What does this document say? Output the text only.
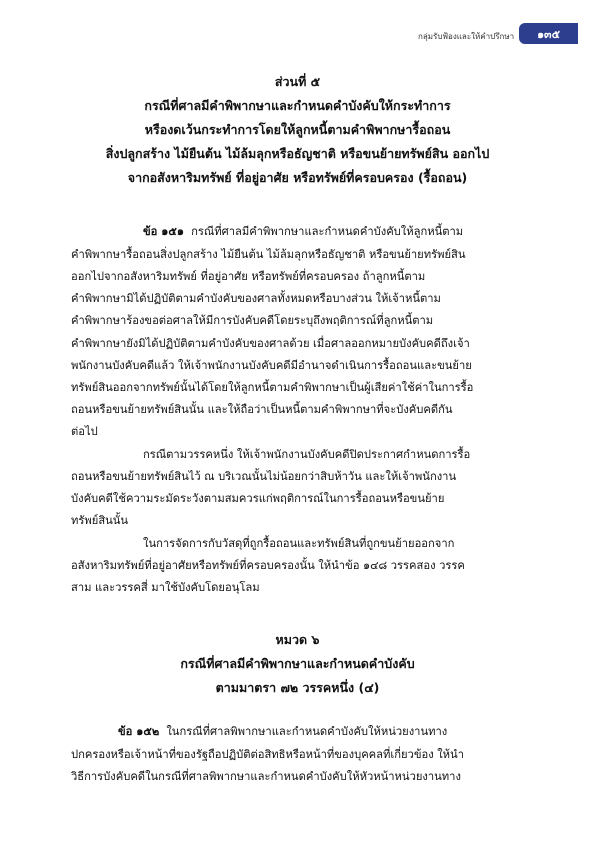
กลุ่มรับฟ้องและให้คำปรึกษา	๑๓๕
ส่วนที่ ๕
กรณีที่ศาลมีคำพิพากษาและกำหนดคำบังคับให้กระทำการ
หรืองดเว้นกระทำการโดยให้ลูกหนี้ตามคำพิพากษารื้อถอน
สิ่งปลูกสร้าง ไม้ยืนต้น ไม้ล้มลุกหรือธัญชาติ หรือขนย้ายทรัพย์สิน ออกไป
จากอสังหาริมทรัพย์ ที่อยู่อาศัย หรือทรัพย์ที่ครอบครอง (รื้อถอน)
ข้อ ๑๕๑ กรณีที่ศาลมีคำพิพากษาและกำหนดคำบังคับให้ลูกหนี้ตาม
คำพิพากษารื้อถอนสิ่งปลูกสร้าง ไม้ยืนต้น ไม้ล้มลุกหรือธัญชาติ หรือขนย้ายทรัพย์สิน
ออกไปจากอสังหาริมทรัพย์ ที่อยู่อาศัย หรือทรัพย์ที่ครอบครอง ถ้าลูกหนี้ตาม
คำพิพากษามิได้ปฏิบัติตามคำบังคับของศาลทั้งหมดหรือบางส่วน ให้เจ้าหนี้ตาม
คำพิพากษาร้องขอต่อศาลให้มีการบังคับคดีโดยระบุถึงพฤติการณ์ที่ลูกหนี้ตาม
คำพิพากษายังมิได้ปฏิบัติตามคำบังคับของศาลด้วย เมื่อศาลออกหมายบังคับคดีถึงเจ้า
พนักงานบังคับคดีแล้ว ให้เจ้าพนักงานบังคับคดีมีอำนาจดำเนินการรื้อถอนและขนย้าย
ทรัพย์สินออกจากทรัพย์นั้นได้โดยให้ลูกหนี้ตามคำพิพากษาเป็นผู้เสียค่าใช้ค่าในการรื้อ
ถอนหรือขนย้ายทรัพย์สินนั้น และให้ถือว่าเป็นหนี้ตามคำพิพากษาที่จะบังคับคดีกัน
ต่อไป
กรณีตามวรรคหนึ่ง ให้เจ้าพนักงานบังคับคดีปิดประกาศกำหนดการรื้อ
ถอนหรือขนย้ายทรัพย์สินไว้ ณ บริเวณนั้นไม่น้อยกว่าสิบห้าวัน และให้เจ้าพนักงาน
บังคับคดีใช้ความระมัดระวังตามสมควรแก่พฤติการณ์ในการรื้อถอนหรือขนย้าย
ทรัพย์สินนั้น
ในการจัดการกับวัสดุที่ถูกรื้อถอนและทรัพย์สินที่ถูกขนย้ายออกจาก
อสังหาริมทรัพย์ที่อยู่อาศัยหรือทรัพย์ที่ครอบครองนั้น ให้นำข้อ ๑๔๘ วรรคสอง วรรค
สาม และวรรคสี่ มาใช้บังคับโดยอนุโลม
หมวด ๖
กรณีที่ศาลมีคำพิพากษาและกำหนดคำบังคับ
ตามมาตรา ๗๒ วรรคหนึ่ง (๔)
ข้อ ๑๕๒ ในกรณีที่ศาลพิพากษาและกำหนดคำบังคับให้หน่วยงานทาง
ปกครองหรือเจ้าหน้าที่ของรัฐถือปฏิบัติต่อสิทธิหรือหน้าที่ของบุคคลที่เกี่ยวข้อง ให้นำ
วิธีการบังคับคดีในกรณีที่ศาลพิพากษาและกำหนดคำบังคับให้หัวหน้าหน่วยงานทาง
